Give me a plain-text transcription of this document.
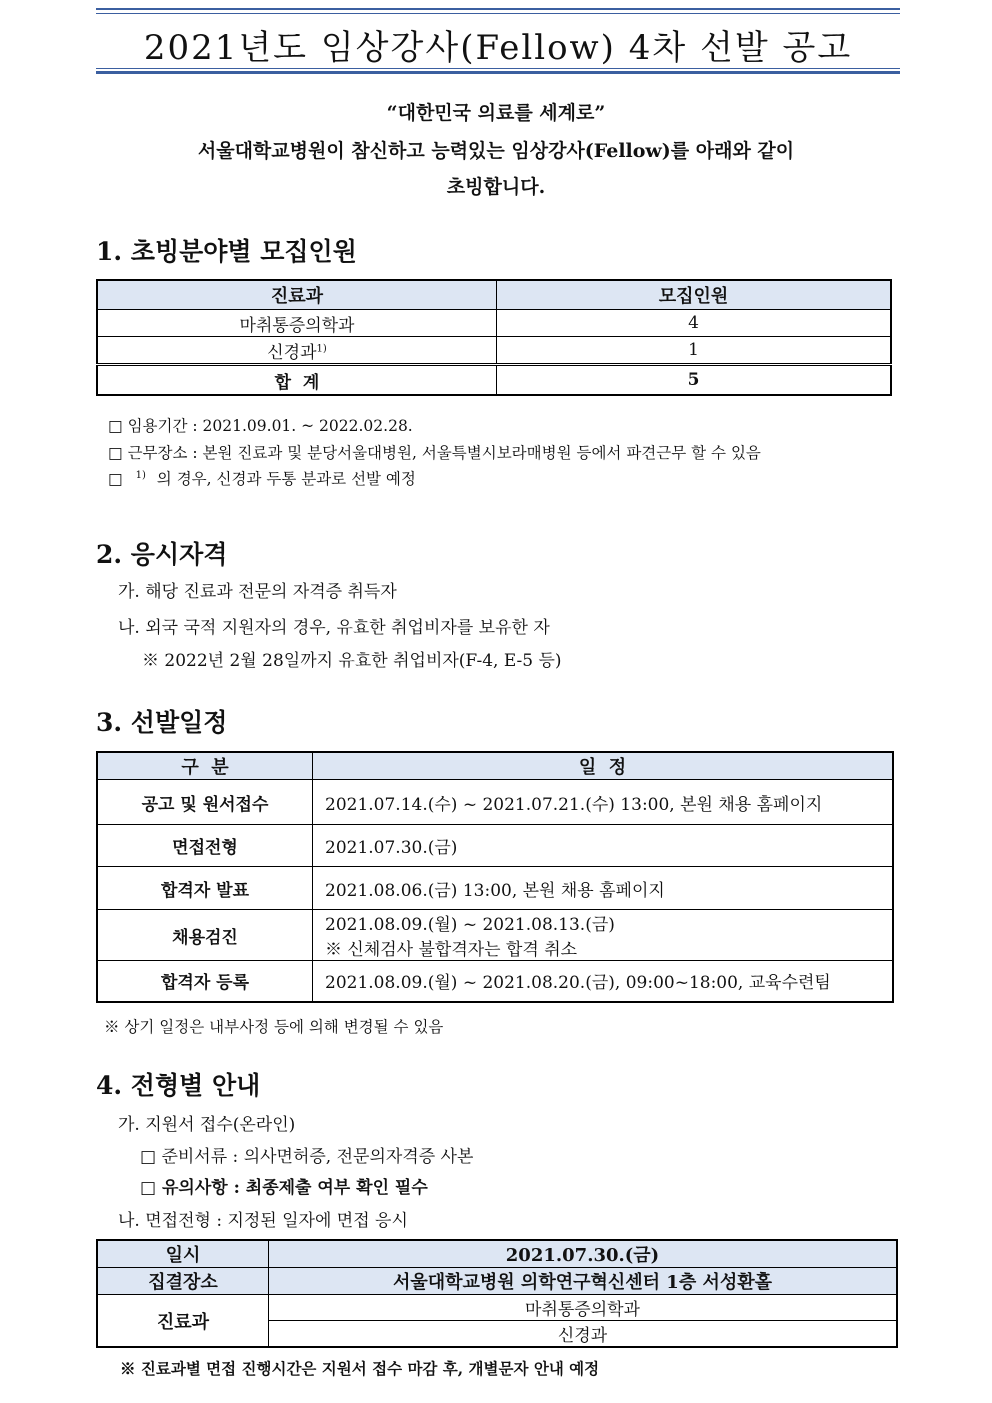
2021년도 임상강사(Fellow) 4차 선발 공고
“대한민국 의료를 세계로”
서울대학교병원이 참신하고 능력있는 임상강사(Fellow)를 아래와 같이
초빙합니다.
1. 초빙분야별 모집인원
진료과	모집인원
마취통증의학과	4
신경과$^{1)}$	1
합  계	5
□ 임용기간 : 2021.09.01. ~ 2022.02.28.
□ 근무장소 : 본원 진료과 및 분당서울대병원, 서울특별시보라매병원 등에서 파견근무 할 수 있음
□ $^{1)}$ 의 경우, 신경과 두통 분과로 선발 예정
2. 응시자격
가. 해당 진료과 전문의 자격증 취득자
나. 외국 국적 지원자의 경우, 유효한 취업비자를 보유한 자
※ 2022년 2월 28일까지 유효한 취업비자(F-4, E-5 등)
3. 선발일정
구  분	일  정
공고 및 원서접수	2021.07.14.(수) ~ 2021.07.21.(수) 13:00, 본원 채용 홈페이지
면접전형	2021.07.30.(금)
합격자 발표	2021.08.06.(금) 13:00, 본원 채용 홈페이지
채용검진	2021.08.09.(월) ~ 2021.08.13.(금)
※ 신체검사 불합격자는 합격 취소

합격자 등록	2021.08.09.(월) ~ 2021.08.20.(금), 09:00~18:00, 교육수련팀
※ 상기 일정은 내부사정 등에 의해 변경될 수 있음
4. 전형별 안내
가. 지원서 접수(온라인)
□ 준비서류 : 의사면허증, 전문의자격증 사본
□ 유의사항 : 최종제출 여부 확인 필수
나. 면접전형 : 지정된 일자에 면접 응시
일시	2021.07.30.(금)
집결장소	서울대학교병원 의학연구혁신센터 1층 서성환홀
진료과	마취통증의학과
	신경과
※ 진료과별 면접 진행시간은 지원서 접수 마감 후, 개별문자 안내 예정
